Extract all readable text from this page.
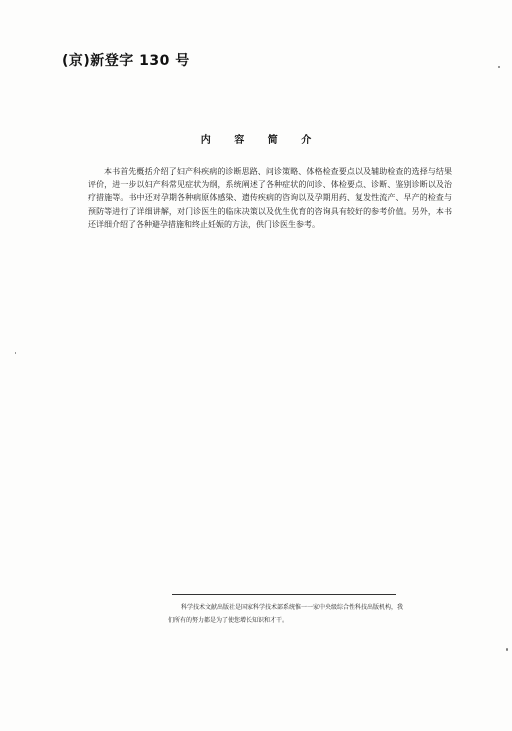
(京)新登字 130 号
内 容 简 介

本书首先概括介绍了妇产科疾病的诊断思路、问诊策略、体格检查要点以及辅助检查的选择与结果评价，进一步以妇产科常见症状为纲，系统阐述了各种症状的问诊、体检要点、诊断、鉴别诊断以及治疗措施等。书中还对孕期各种病原体感染、遗传疾病的咨询以及孕期用药、复发性流产、早产的检查与预防等进行了详细讲解，对门诊医生的临床决策以及优生优育的咨询具有较好的参考价值。另外，本书还详细介绍了各种避孕措施和终止妊娠的方法，供门诊医生参考。

科学技术文献出版社是国家科学技术部系统惟一一家中央级综合性科技出版机构，我们所有的努力都是为了使您增长知识和才干。
